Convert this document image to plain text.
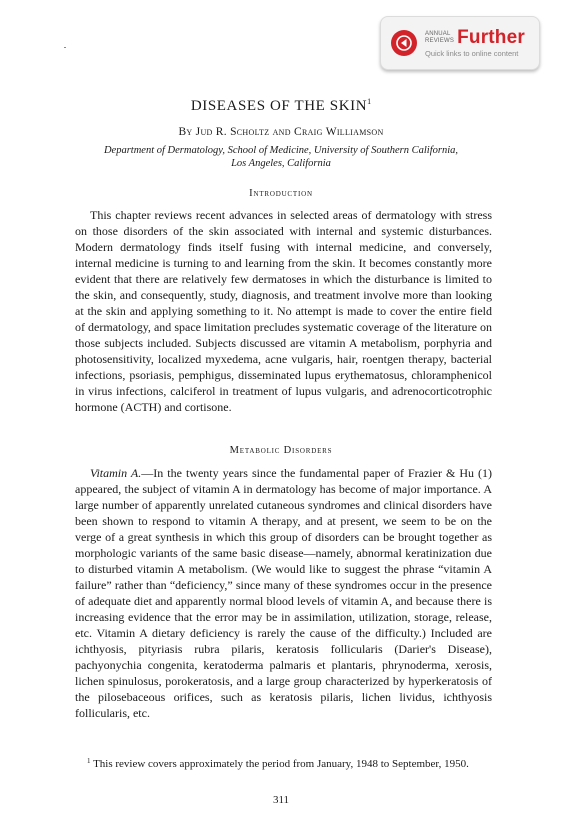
ANNUAL
REVIEWS Further
Quick links to online content
DISEASES OF THE SKIN$^1$
By Jud R. Scholtz and Craig Williamson
Department of Dermatology, School of Medicine, University of Southern California, Los Angeles, California
Introduction

This chapter reviews recent advances in selected areas of dermatology with stress on those disorders of the skin associated with internal and systemic disturbances. Modern dermatology finds itself fusing with internal medicine, and conversely, internal medicine is turning to and learning from the skin. It becomes constantly more evident that there are relatively few dermatoses in which the disturbance is limited to the skin, and consequently, study, diagnosis, and treatment involve more than looking at the skin and applying something to it. No attempt is made to cover the entire field of dermatology, and space limitation precludes systematic coverage of the literature on those subjects included. Subjects discussed are vitamin A metabolism, porphyria and photosensitivity, localized myxedema, acne vulgaris, hair, roentgen therapy, bacterial infections, psoriasis, pemphigus, disseminated lupus erythematosus, chloramphenicol in virus infections, calciferol in treatment of lupus vulgaris, and adrenocorticotrophic hormone (ACTH) and cortisone.

Metabolic Disorders

Vitamin A.—In the twenty years since the fundamental paper of Frazier & Hu (1) appeared, the subject of vitamin A in dermatology has become of major importance. A large number of apparently unrelated cutaneous syndromes and clinical disorders have been shown to respond to vitamin A therapy, and at present, we seem to be on the verge of a great synthesis in which this group of disorders can be brought together as morphologic variants of the same basic disease—namely, abnormal keratinization due to disturbed vitamin A metabolism. (We would like to suggest the phrase “vitamin A failure” rather than “deficiency,” since many of these syndromes occur in the presence of adequate diet and apparently normal blood levels of vitamin A, and because there is increasing evidence that the error may be in assimilation, utilization, storage, release, etc. Vitamin A dietary deficiency is rarely the cause of the difficulty.) Included are ichthyosis, pityriasis rubra pilaris, keratosis follicularis (Darier's Disease), pachyonychia congenita, keratoderma palmaris et plantaris, phrynoderma, xerosis, lichen spinulosus, porokeratosis, and a large group characterized by hyperkeratosis of the pilosebaceous orifices, such as keratosis pilaris, lichen lividus, ichthyosis follicularis, etc.

$^1$ This review covers approximately the period from January, 1948 to September, 1950.

311
